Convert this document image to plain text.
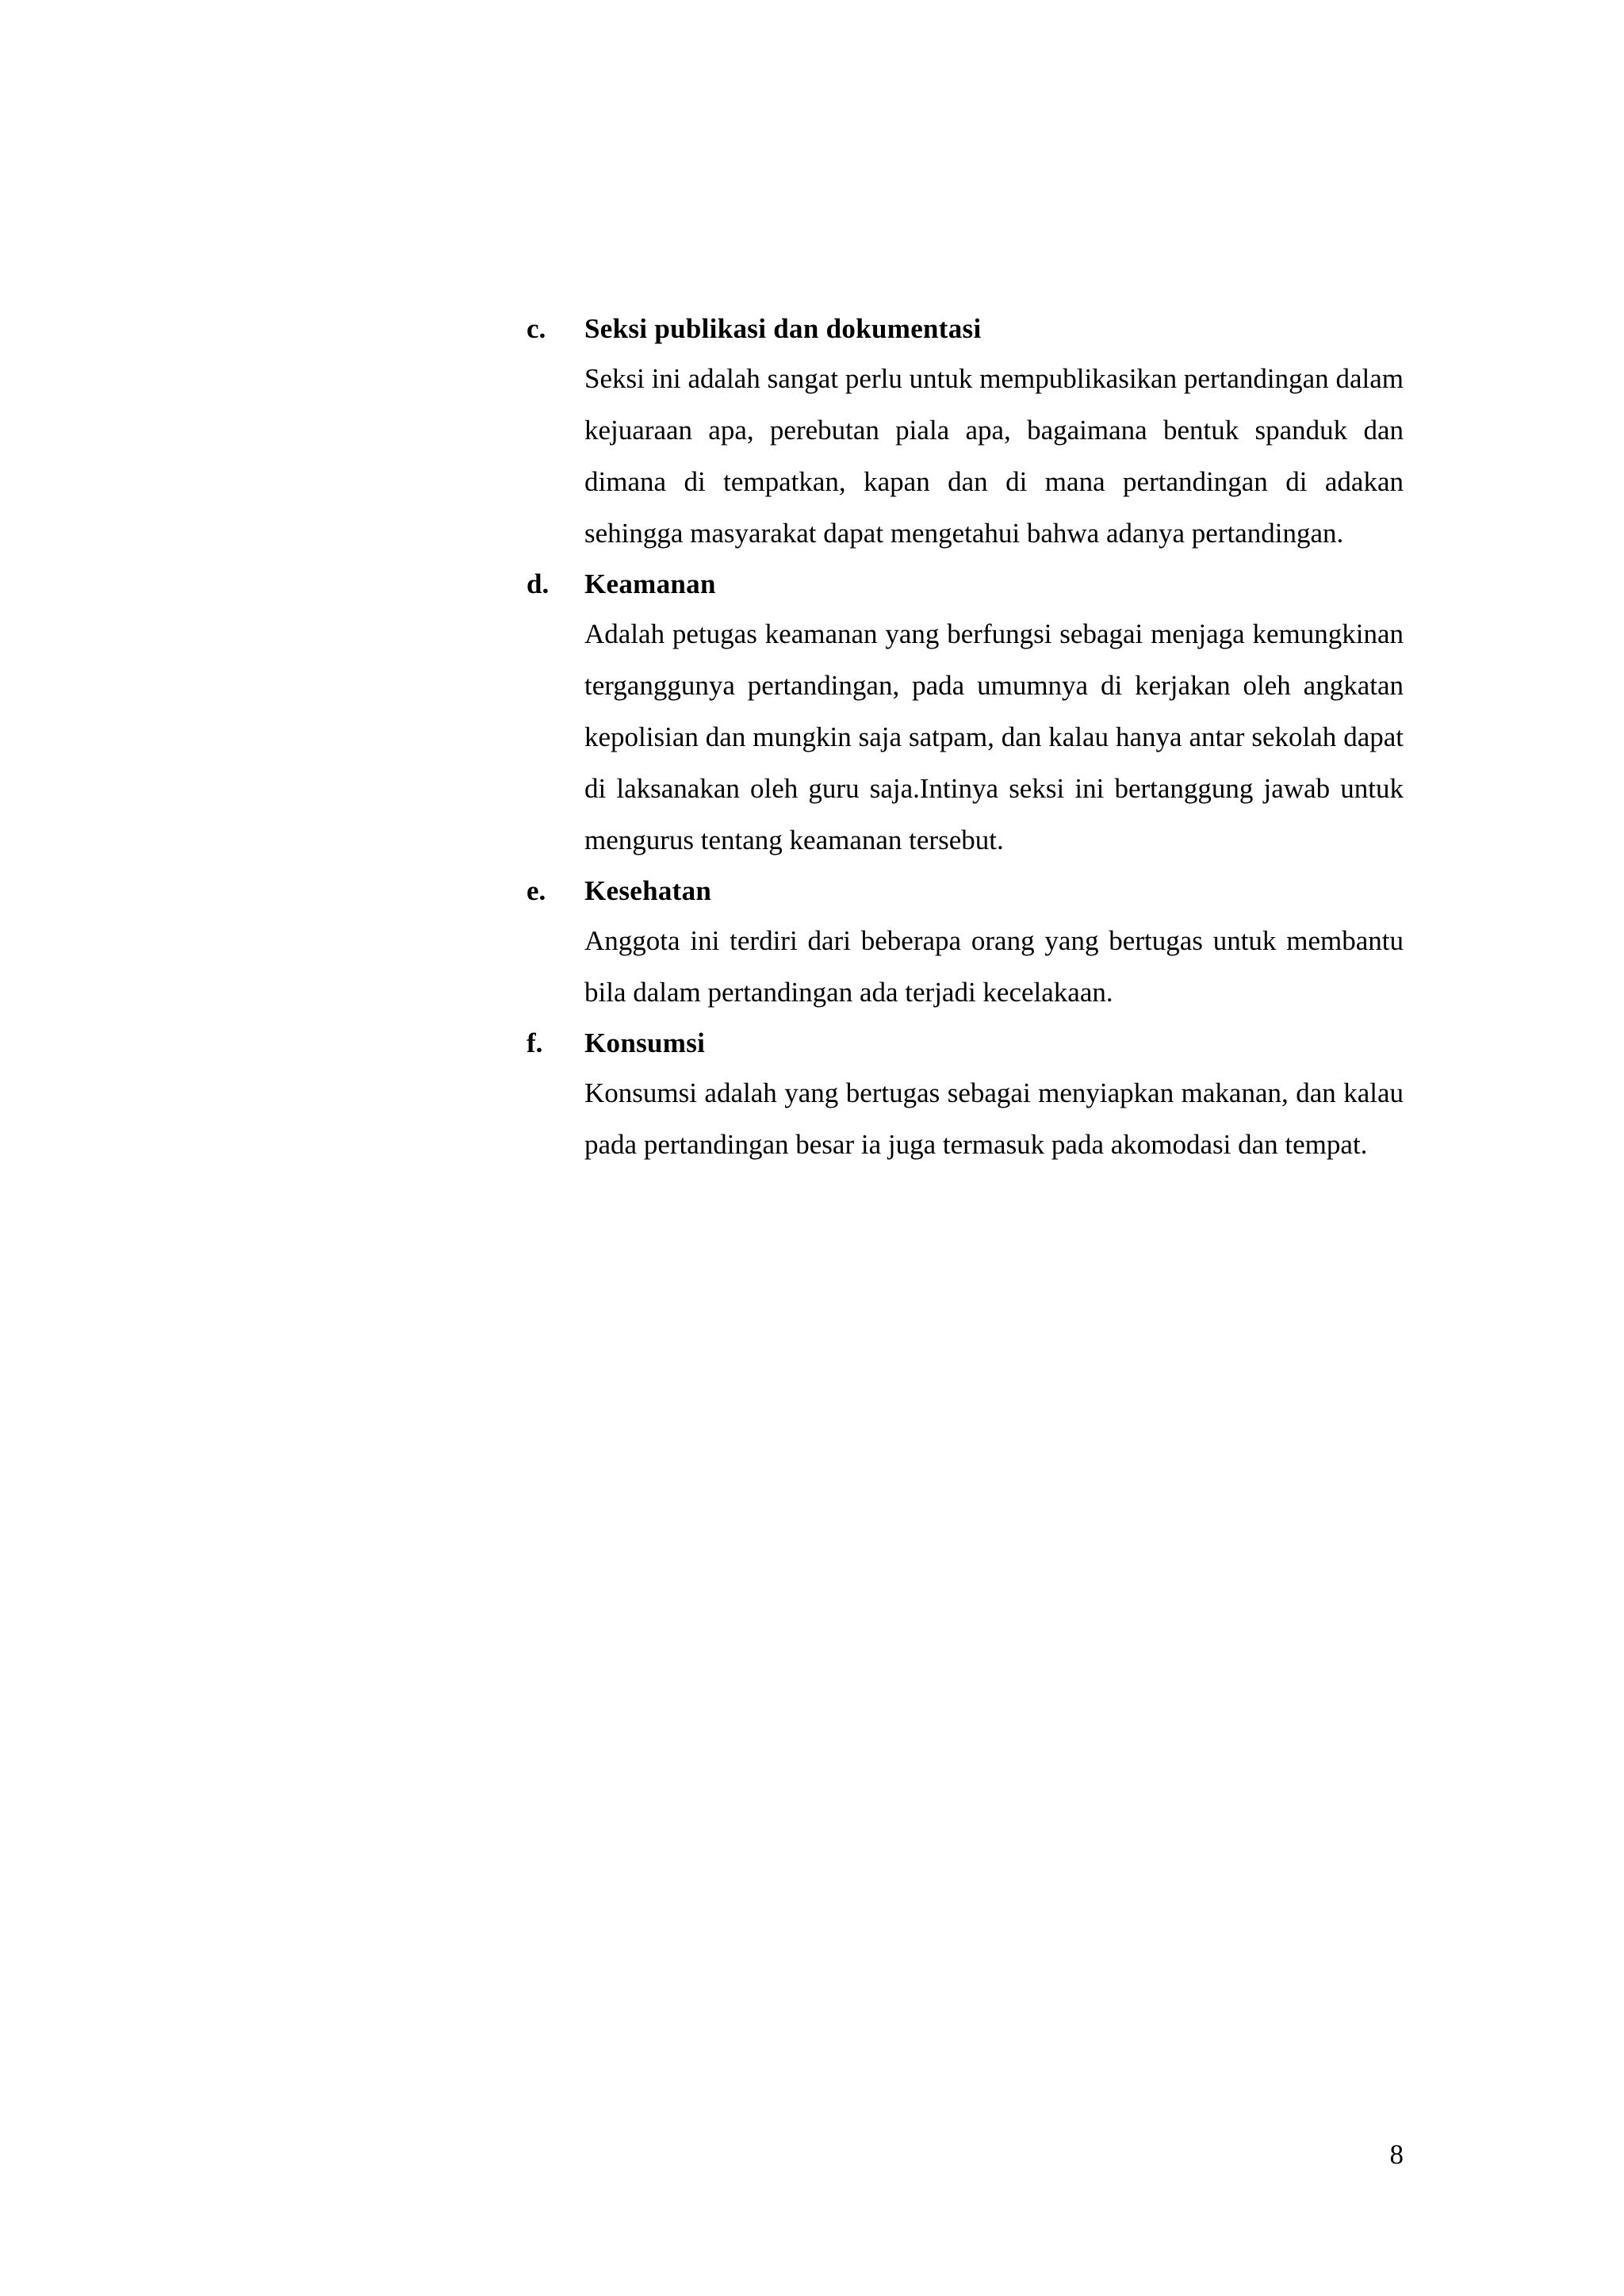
c. Seksi publikasi dan dokumentasi

Seksi ini adalah sangat perlu untuk mempublikasikan pertandingan dalam kejuaraan apa, perebutan piala apa, bagaimana bentuk spanduk dan dimana di tempatkan, kapan dan di mana pertandingan di adakan sehingga masyarakat dapat mengetahui bahwa adanya pertandingan.

d. Keamanan

Adalah petugas keamanan yang berfungsi sebagai menjaga kemungkinan terganggunya pertandingan, pada umumnya di kerjakan oleh angkatan kepolisian dan mungkin saja satpam, dan kalau hanya antar sekolah dapat di laksanakan oleh guru saja.Intinya seksi ini bertanggung jawab untuk mengurus tentang keamanan tersebut.

e. Kesehatan

Anggota ini terdiri dari beberapa orang yang bertugas untuk membantu bila dalam pertandingan ada terjadi kecelakaan.

f. Konsumsi

Konsumsi adalah yang bertugas sebagai menyiapkan makanan, dan kalau pada pertandingan besar ia juga termasuk pada akomodasi dan tempat.

8
